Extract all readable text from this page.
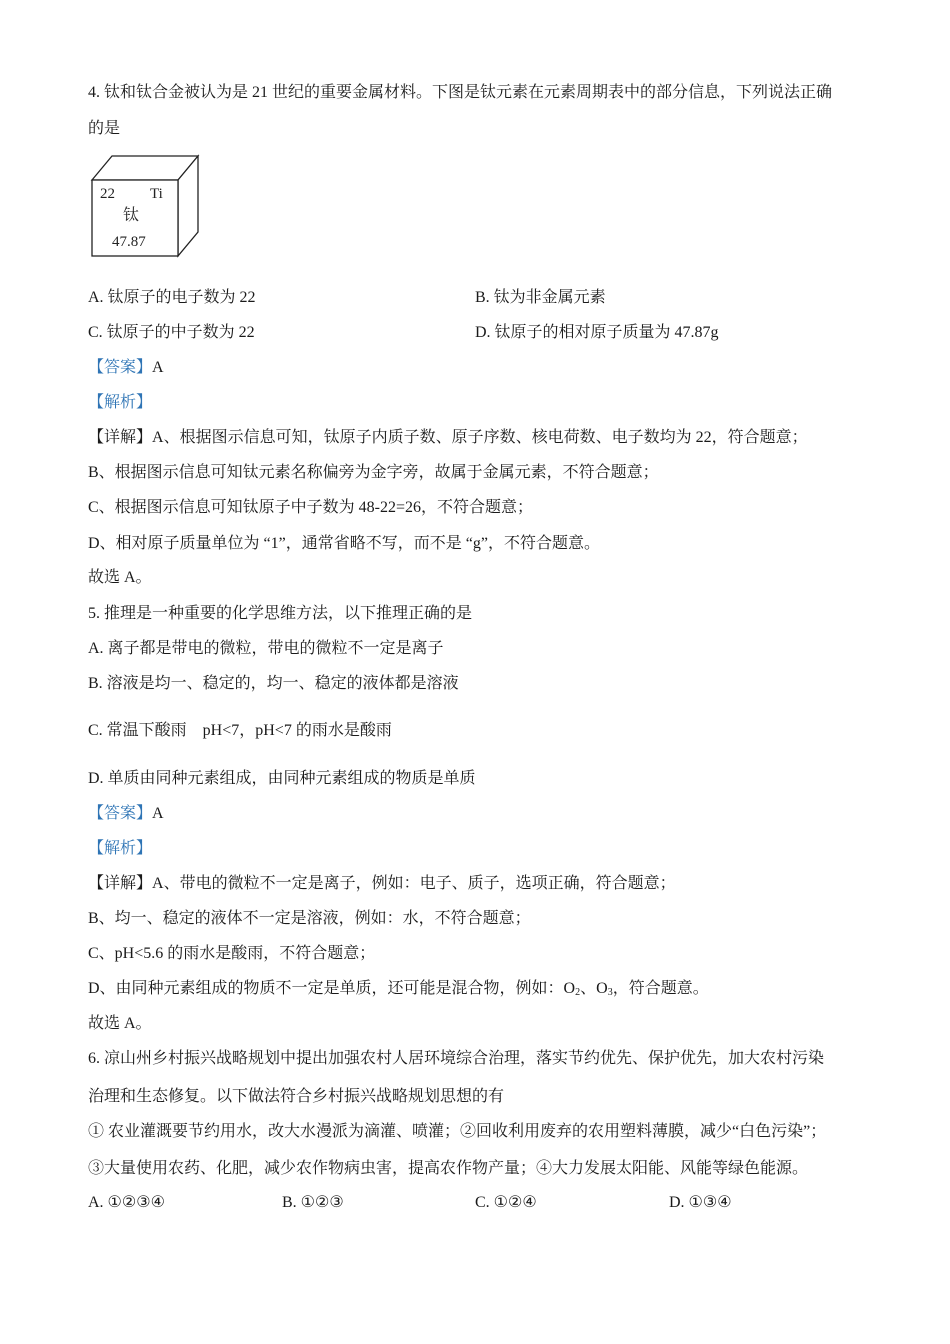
4. 钛和钛合金被认为是 21 世纪的重要金属材料。下图是钛元素在元素周期表中的部分信息，下列说法正确
的是
22 Ti
钛
47.87
A. 钛原子的电子数为 22	B. 钛为非金属元素
C. 钛原子的中子数为 22	D. 钛原子的相对原子质量为 47.87g
【答案】A
【解析】
【详解】A、根据图示信息可知，钛原子内质子数、原子序数、核电荷数、电子数均为 22，符合题意；
B、根据图示信息可知钛元素名称偏旁为金字旁，故属于金属元素，不符合题意；
C、根据图示信息可知钛原子中子数为 48-22=26，不符合题意；
D、相对原子质量单位为 “1”，通常省略不写，而不是 “g”，不符合题意。
故选 A。
5. 推理是一种重要的化学思维方法，以下推理正确的是
A. 离子都是带电的微粒，带电的微粒不一定是离子
B. 溶液是均一、稳定的，均一、稳定的液体都是溶液
C. 常温下酸雨　pH<7，pH<7 的雨水是酸雨
D. 单质由同种元素组成，由同种元素组成的物质是单质
【答案】A
【解析】
【详解】A、带电的微粒不一定是离子，例如：电子、质子，选项正确，符合题意；
B、均一、稳定的液体不一定是溶液，例如：水，不符合题意；
C、pH<5.6 的雨水是酸雨，不符合题意；
D、由同种元素组成的物质不一定是单质，还可能是混合物，例如：$O_2$、$O_3$，符合题意。
故选 A。
6. 凉山州乡村振兴战略规划中提出加强农村人居环境综合治理，落实节约优先、保护优先，加大农村污染
治理和生态修复。以下做法符合乡村振兴战略规划思想的有
① 农业灌溉要节约用水，改大水漫派为滴灌、喷灌；②回收利用废弃的农用塑料薄膜，减少“白色污染”；
③大量使用农药、化肥，减少农作物病虫害，提高农作物产量；④大力发展太阳能、风能等绿色能源。
A. ①②③④	B. ①②③	C. ①②④	D. ①③④
